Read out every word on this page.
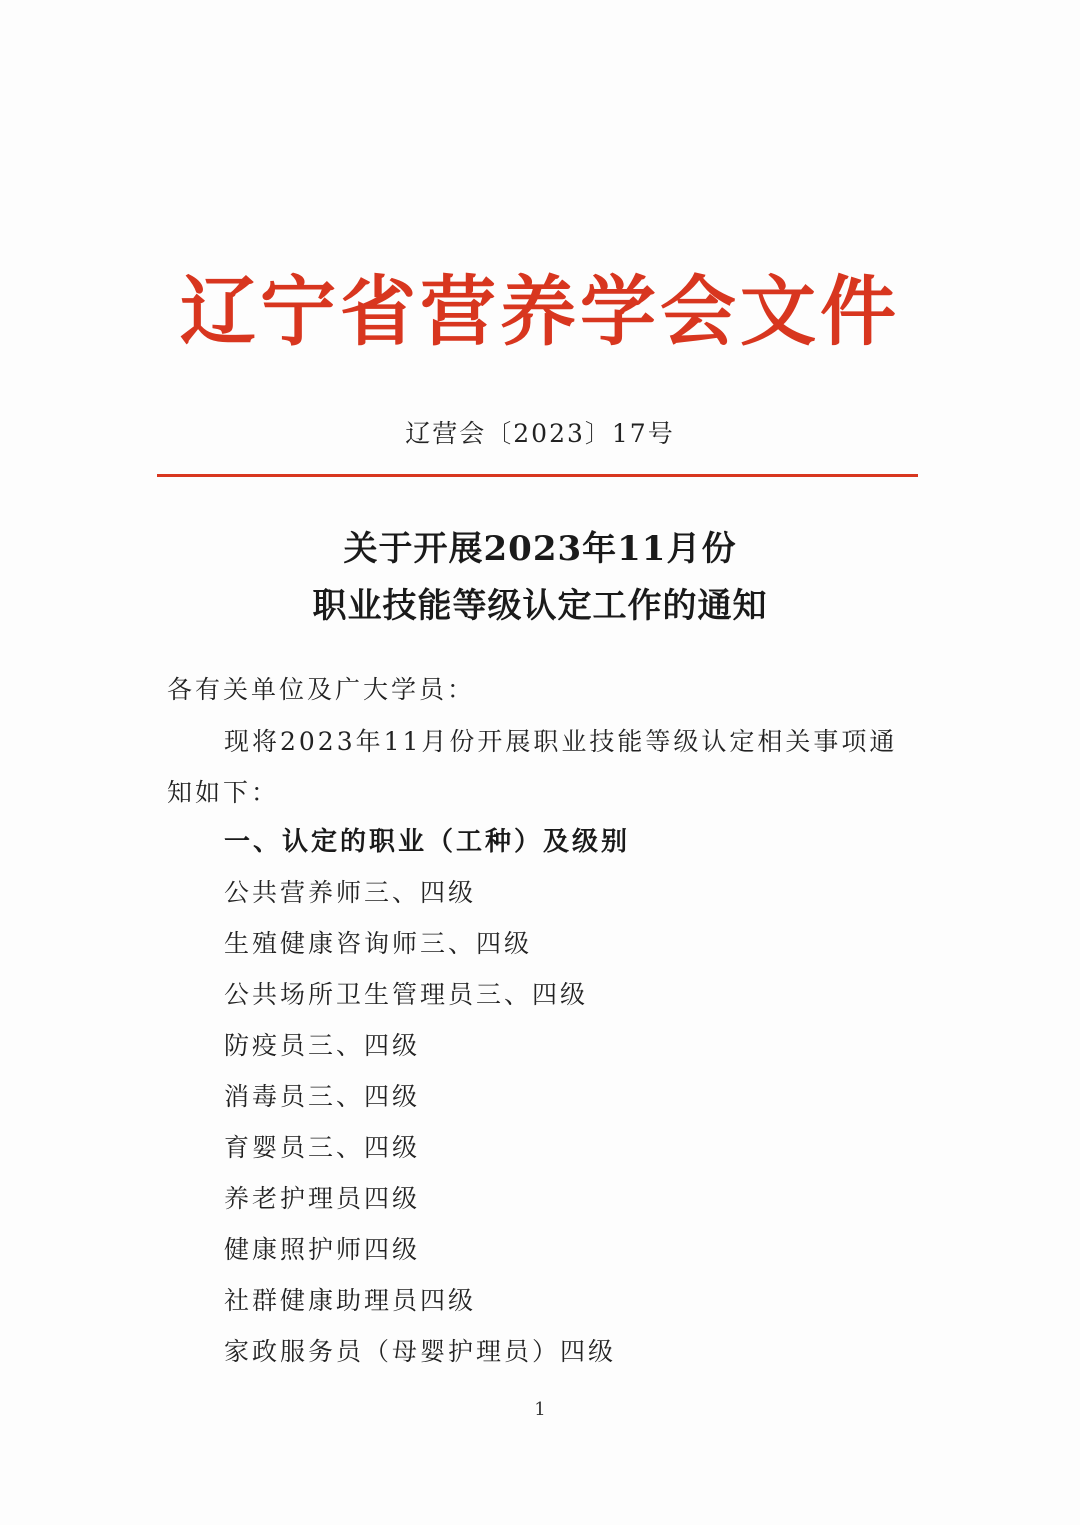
辽宁省营养学会文件
辽营会〔2023〕17号
关于开展2023年11月份
职业技能等级认定工作的通知
各有关单位及广大学员：
现将2023年11月份开展职业技能等级认定相关事项通
知如下：
一、认定的职业（工种）及级别
公共营养师三、四级
生殖健康咨询师三、四级
公共场所卫生管理员三、四级
防疫员三、四级
消毒员三、四级
育婴员三、四级
养老护理员四级
健康照护师四级
社群健康助理员四级
家政服务员（母婴护理员）四级
1
